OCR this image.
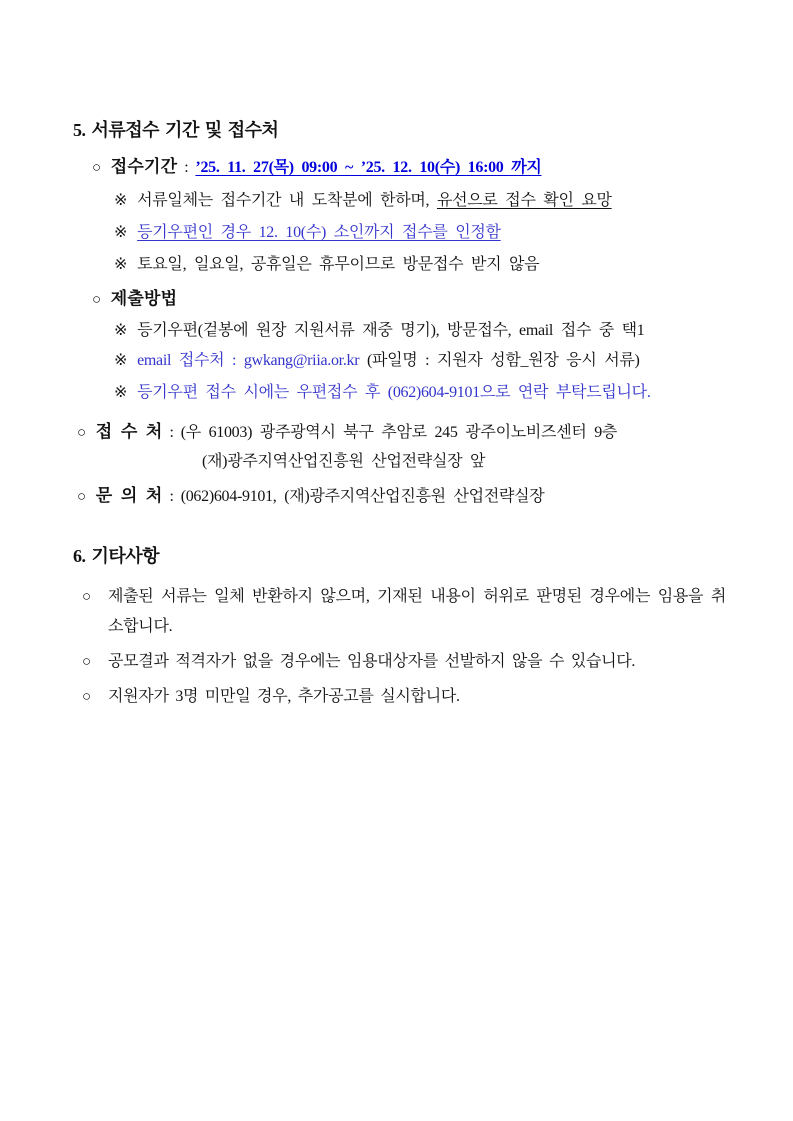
5. 서류접수 기간 및 접수처
○ 접수기간 : ’25. 11. 27(목) 09:00 ~ ’25. 12. 10(수) 16:00 까지
※ 서류일체는 접수기간 내 도착분에 한하며, 유선으로 접수 확인 요망
※ 등기우편인 경우 12. 10(수) 소인까지 접수를 인정함
※ 토요일, 일요일, 공휴일은 휴무이므로 방문접수 받지 않음
○ 제출방법
※ 등기우편(겉봉에 원장 지원서류 재중 명기), 방문접수, email 접수 중 택1
※ email 접수처 : gwkang@riia.or.kr (파일명 : 지원자 성함_원장 응시 서류)
※ 등기우편 접수 시에는 우편접수 후 (062)604-9101으로 연락 부탁드립니다.
○ 접 수 처 : (우 61003) 광주광역시 북구 추암로 245 광주이노비즈센터 9층
(재)광주지역산업진흥원 산업전략실장 앞
○ 문 의 처 : (062)604-9101, (재)광주지역산업진흥원 산업전략실장
6. 기타사항
○	제출된 서류는 일체 반환하지 않으며, 기재된 내용이 허위로 판명된 경우에는 임용을 취소합니다.
○	공모결과 적격자가 없을 경우에는 임용대상자를 선발하지 않을 수 있습니다.
○	지원자가 3명 미만일 경우, 추가공고를 실시합니다.
